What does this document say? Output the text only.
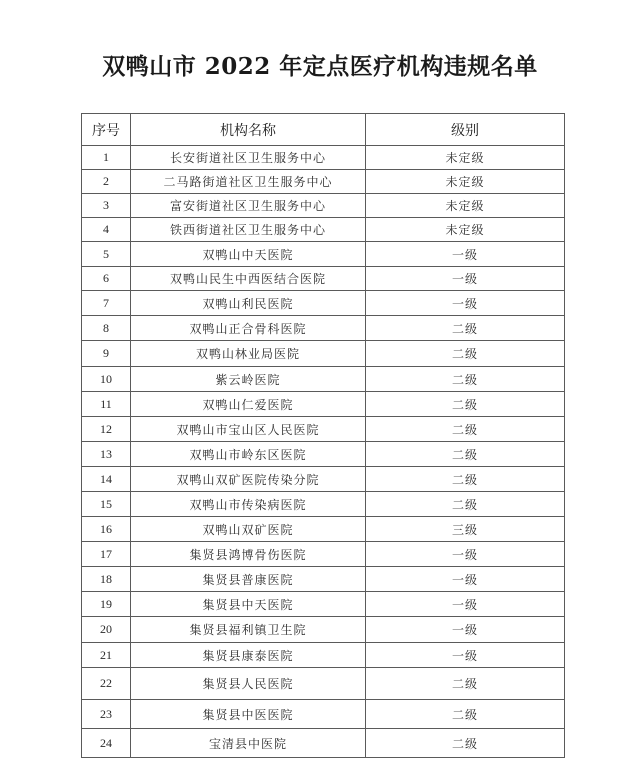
双鸭山市 2022 年定点医疗机构违规名单
序号	机构名称	级别
1	长安街道社区卫生服务中心	未定级
2	二马路街道社区卫生服务中心	未定级
3	富安街道社区卫生服务中心	未定级
4	铁西街道社区卫生服务中心	未定级
5	双鸭山中天医院	一级
6	双鸭山民生中西医结合医院	一级
7	双鸭山利民医院	一级
8	双鸭山正合骨科医院	二级
9	双鸭山林业局医院	二级
10	紫云岭医院	二级
11	双鸭山仁爱医院	二级
12	双鸭山市宝山区人民医院	二级
13	双鸭山市岭东区医院	二级
14	双鸭山双矿医院传染分院	二级
15	双鸭山市传染病医院	二级
16	双鸭山双矿医院	三级
17	集贤县鸿博骨伤医院	一级
18	集贤县普康医院	一级
19	集贤县中天医院	一级
20	集贤县福利镇卫生院	一级
21	集贤县康泰医院	一级
22	集贤县人民医院	二级
23	集贤县中医医院	二级
24	宝清县中医院	二级
